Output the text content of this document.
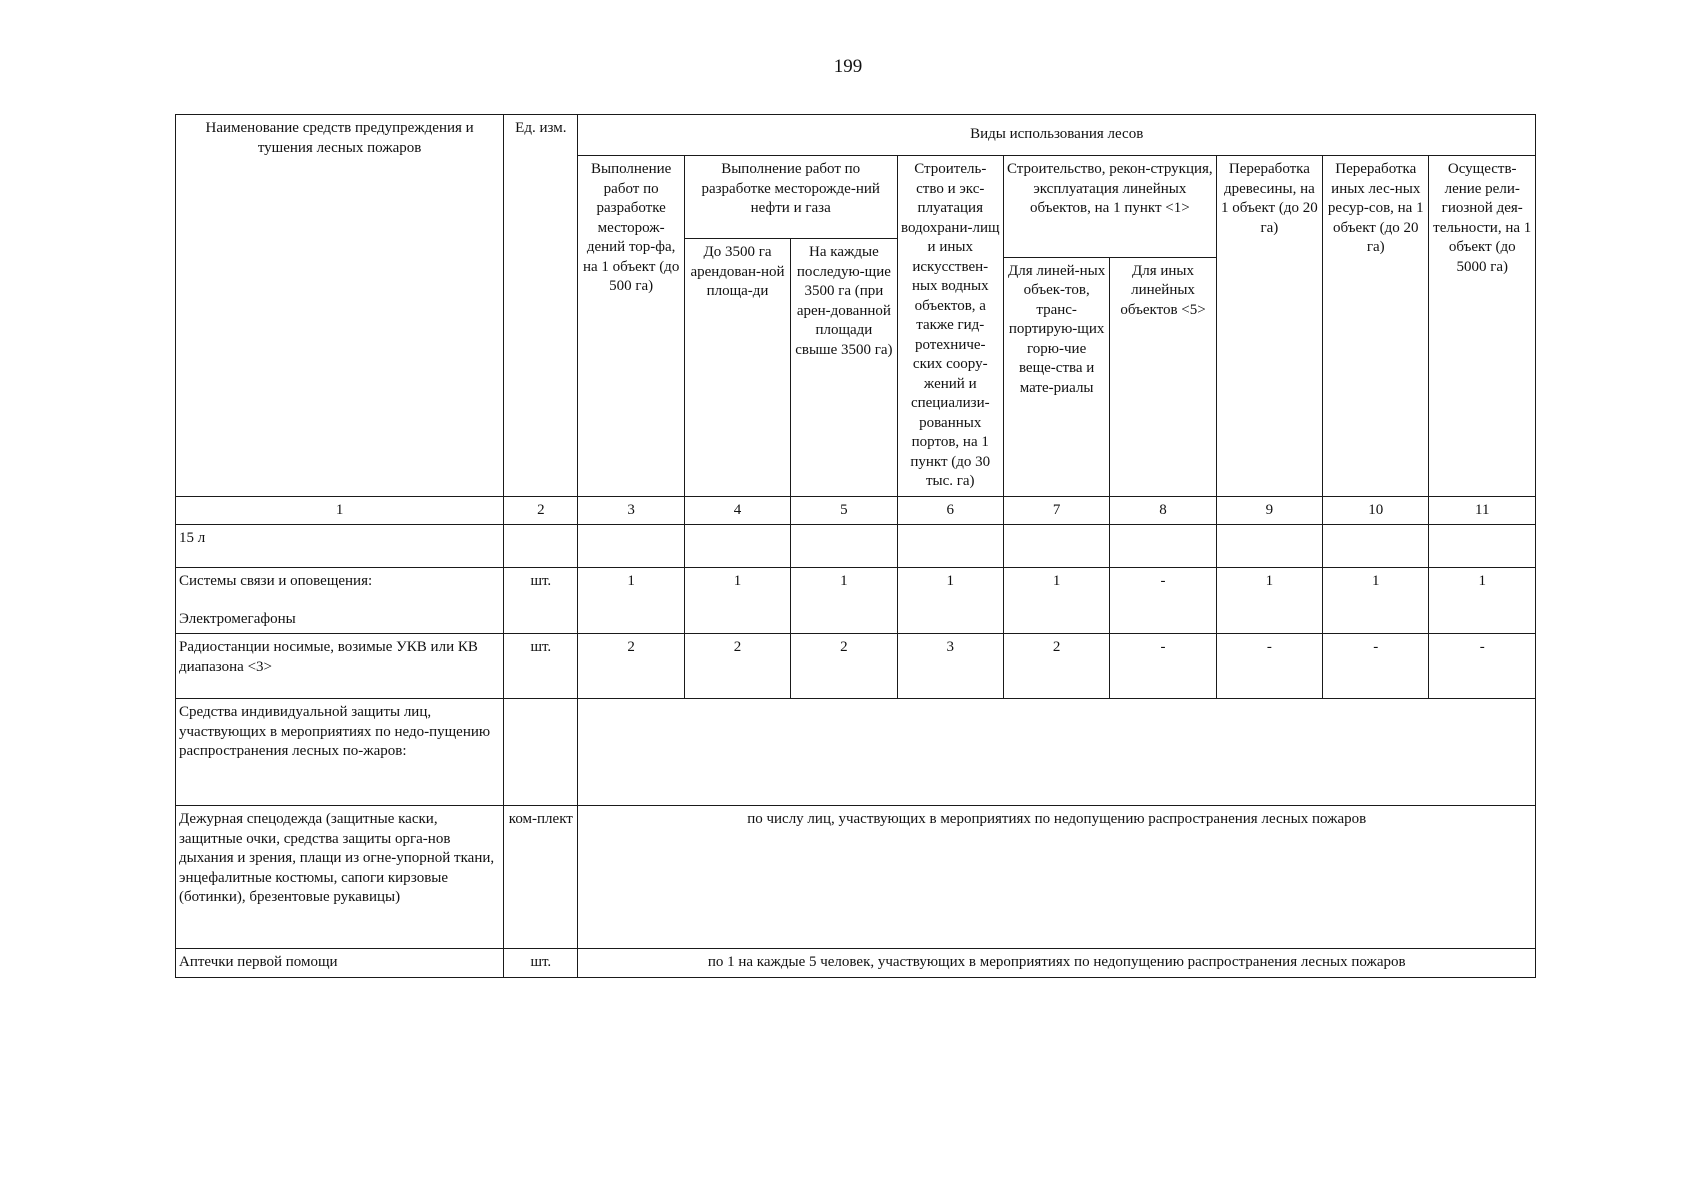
199
Наименование средств предупреждения и тушения лесных пожаров	Ед. изм.	Виды использования лесов								
		Выполнение работ по разработке месторож-дений тор-фа, на 1 объект (до 500 га)	Выполнение работ по разработке месторожде-ний нефти и газа		Строитель-ство и экс-плуатация водохрани-лищ и иных искусствен-ных водных объектов, а также гид-ротехниче-ских соору-жений и специализи-рованных портов, на 1 пункт (до 30 тыс. га)	Строительство, рекон-струкция, эксплуатация линейных объектов, на 1 пункт <1>		Переработка древесины, на 1 объект (до 20 га)	Переработка иных лес-ных ресур-сов, на 1 объект (до 20 га)	Осуществ-ление рели-гиозной дея-тельности, на 1 объект (до 5000 га)
			До 3500 га арендован-ной площа-ди	На каждые последую-щие 3500 га (при арен-дованной площади свыше 3500 га)						
						Для линей-ных объек-тов, транс-портирую-щих горю-чие веще-ства и мате-риалы	Для иных линейных объектов <5>			
1	2	3	4	5	6	7	8	9	10	11
15 л										

Системы связи и оповещения:
Электромегафоны	шт.	1	1	1	1	1	-	1	1	1
Радиостанции носимые, возимые УКВ или КВ диапазона <3>	шт.	2	2	2	3	2	-	-	-	-
Средства индивидуальной защиты лиц, участвующих в мероприятиях по недо-пущению распространения лесных по-жаров:										
Дежурная спецодежда (защитные каски, защитные очки, средства защиты орга-нов дыхания и зрения, плащи из огне-упорной ткани, энцефалитные костюмы, сапоги кирзовые (ботинки), брезентовые рукавицы)	ком-плект	по числу лиц, участвующих в мероприятиях по недопущению распространения лесных пожаров								
Аптечки первой помощи	шт.	по 1 на каждые 5 человек, участвующих в мероприятиях по недопущению распространения лесных пожаров								
